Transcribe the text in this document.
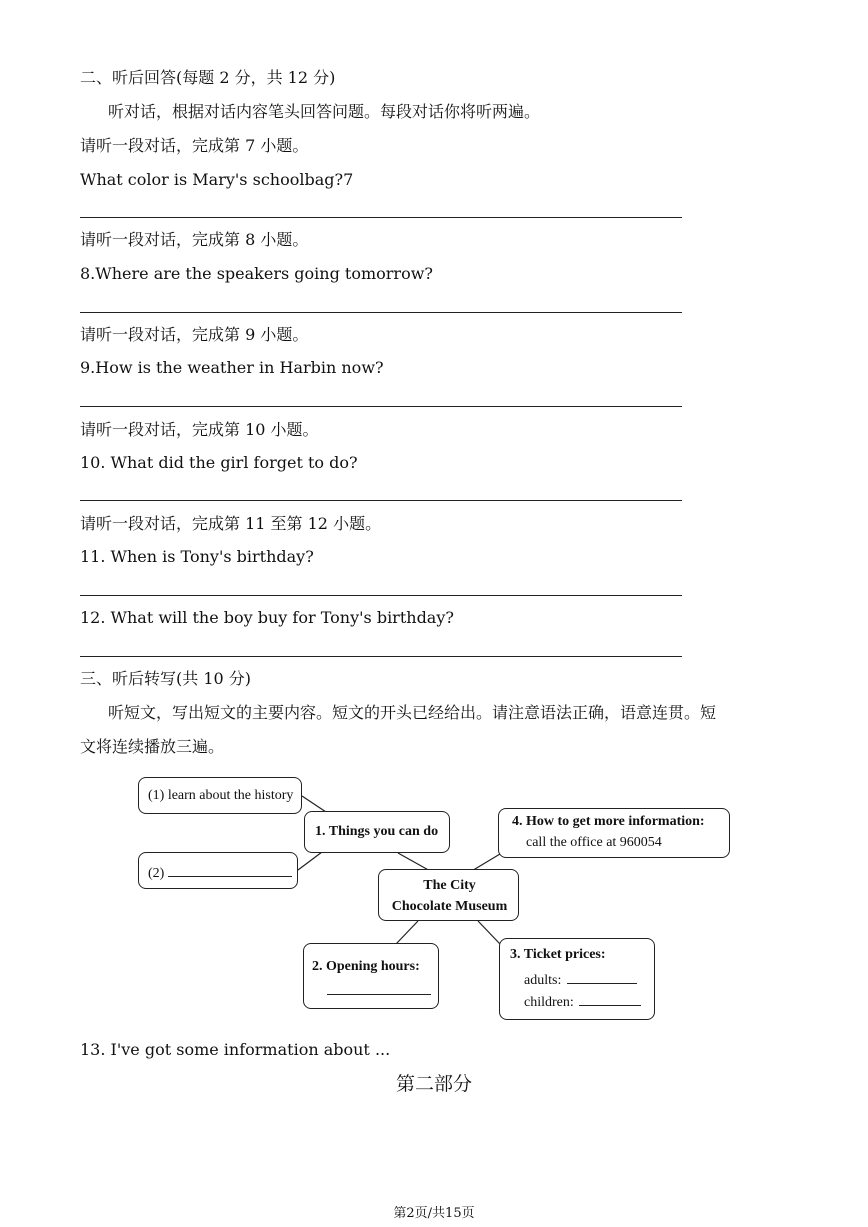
二、听后回答(每题 2 分，共 12 分)
听对话，根据对话内容笔头回答问题。每段对话你将听两遍。
请听一段对话，完成第 7 小题。
What color is Mary's schoolbag?7
请听一段对话，完成第 8 小题。
8.Where are the speakers going tomorrow?
请听一段对话，完成第 9 小题。
9.How is the weather in Harbin now?
请听一段对话，完成第 10 小题。
10. What did the girl forget to do?
请听一段对话，完成第 11 至第 12 小题。
11. When is Tony's birthday?
12. What will the boy buy for Tony's birthday?
三、听后转写(共 10 分)
听短文，写出短文的主要内容。短文的开头已经给出。请注意语法正确，语意连贯。短
文将连续播放三遍。
(1) learn about the history
1. Things you can do
(2)
4. How to get more information:
call the office at 960054
The City
Chocolate Museum
2. Opening hours:
3. Ticket prices:
adults:
children:
13. I've got some information about ...
第二部分
第2页/共15页
